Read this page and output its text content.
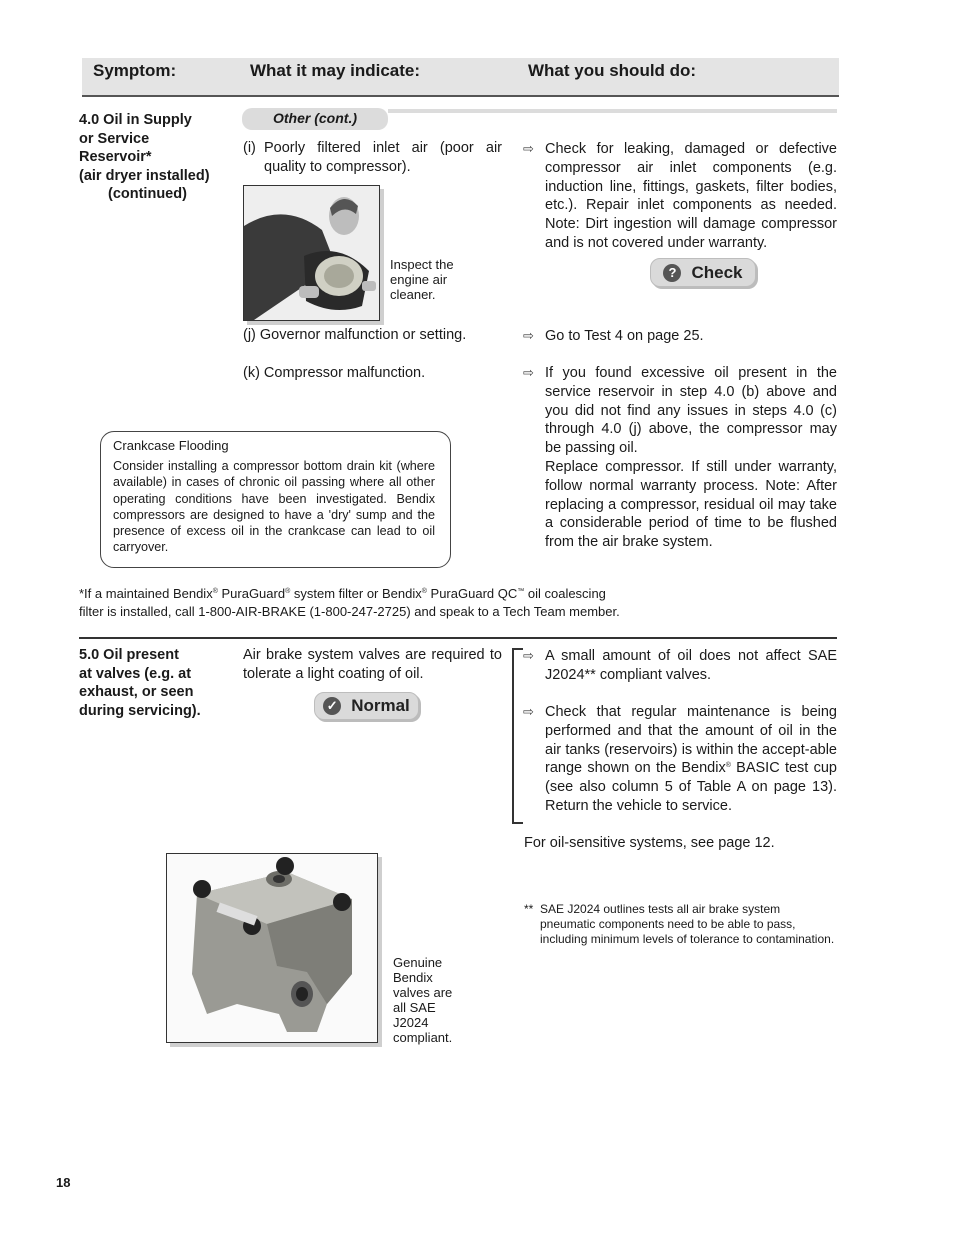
Symptom:	What it may indicate:	What you should do:
4.0 Oil in Supply
or Service
Reservoir*
(air dryer installed)
(continued)
Other (cont.)
(i) Poorly filtered inlet air (poor air quality to compressor).
⇨ Check for leaking, damaged or defective compressor air inlet components (e.g. induction line, fittings, gaskets, filter bodies, etc.). Repair inlet components as needed. Note: Dirt ingestion will damage compressor and is not covered under warranty.
Inspect the engine air cleaner.
? Check
(j) Governor malfunction or setting.	⇨ Go to Test 4 on page 25.
(k) Compressor malfunction.	⇨ If you found excessive oil present in the service reservoir in step 4.0 (b) above and you did not find any issues in steps 4.0 (c) through 4.0 (j) above, the compressor may be passing oil.
Replace compressor. If still under warranty, follow normal warranty process. Note: After replacing a compressor, residual oil may take a considerable period of time to be flushed from the air brake system.
Crankcase Flooding
Consider installing a compressor bottom drain kit (where available) in cases of chronic oil passing where all other operating conditions have been investigated. Bendix compressors are designed to have a 'dry' sump and the presence of excess oil in the crankcase can lead to oil carryover.
*If a maintained Bendix® PuraGuard® system filter or Bendix® PuraGuard QC™ oil coalescing
filter is installed, call 1-800-AIR-BRAKE (1-800-247-2725) and speak to a Tech Team member.
5.0 Oil present
at valves (e.g. at
exhaust, or seen
during servicing).
Air brake system valves are required to tolerate a light coating of oil.
✓ Normal
⇨ A small amount of oil does not affect SAE J2024** compliant valves.
⇨ Check that regular maintenance is being performed and that the amount of oil in the air tanks (reservoirs) is within the accept-able range shown on the Bendix® BASIC test cup (see also column 5 of Table A on page 13). Return the vehicle to service.
For oil-sensitive systems, see page 12.
** SAE J2024 outlines tests all air brake system pneumatic components need to be able to pass, including minimum levels of tolerance to contamination.
Genuine Bendix valves are all SAE J2024 compliant.
18
